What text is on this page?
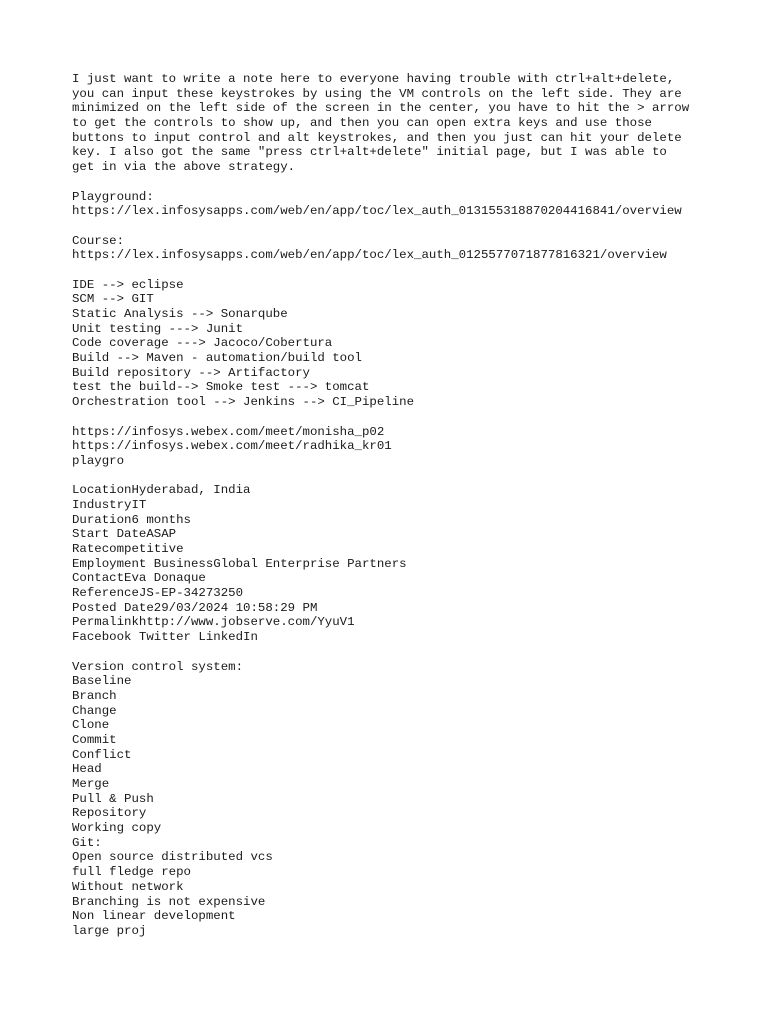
I just want to write a note here to everyone having trouble with ctrl+alt+delete,
you can input these keystrokes by using the VM controls on the left side. They are
minimized on the left side of the screen in the center, you have to hit the > arrow
to get the controls to show up, and then you can open extra keys and use those
buttons to input control and alt keystrokes, and then you just can hit your delete
key. I also got the same "press ctrl+alt+delete" initial page, but I was able to
get in via the above strategy.
Playground:
https://lex.infosysapps.com/web/en/app/toc/lex_auth_013155318870204416841/overview
Course:
https://lex.infosysapps.com/web/en/app/toc/lex_auth_0125577071877816321/overview
IDE --> eclipse
SCM --> GIT
Static Analysis --> Sonarqube
Unit testing ---> Junit
Code coverage ---> Jacoco/Cobertura
Build --> Maven - automation/build tool
Build repository --> Artifactory
test the build--> Smoke test ---> tomcat
Orchestration tool --> Jenkins --> CI_Pipeline
https://infosys.webex.com/meet/monisha_p02
https://infosys.webex.com/meet/radhika_kr01
playgro
LocationHyderabad, India
IndustryIT
Duration6 months
Start DateASAP
Ratecompetitive
Employment BusinessGlobal Enterprise Partners
ContactEva Donaque
ReferenceJS-EP-34273250
Posted Date29/03/2024 10:58:29 PM
Permalinkhttp://www.jobserve.com/YyuV1
Facebook Twitter LinkedIn
Version control system:
Baseline
Branch
Change
Clone
Commit
Conflict
Head
Merge
Pull & Push
Repository
Working copy
Git:
Open source distributed vcs
full fledge repo
Without network
Branching is not expensive
Non linear development
large proj
